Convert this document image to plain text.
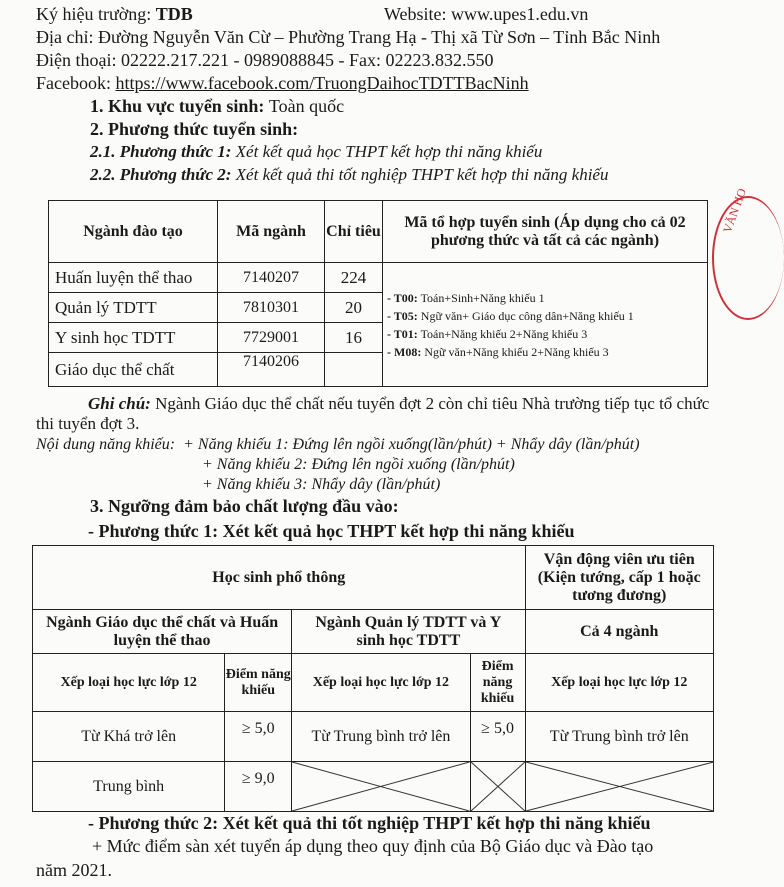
Ký hiệu trường: TDB	Website: www.upes1.edu.vn
Địa chỉ: Đường Nguyễn Văn Cừ – Phường Trang Hạ - Thị xã Từ Sơn – Tỉnh Bắc Ninh
Điện thoại: 02222.217.221 - 0989088845 - Fax: 02223.832.550
Facebook: https://www.facebook.com/TruongDaihocTDTTBacNinh
1. Khu vực tuyển sinh: Toàn quốc
2. Phương thức tuyển sinh:
2.1. Phương thức 1: Xét kết quả học THPT kết hợp thi năng khiếu
2.2. Phương thức 2: Xét kết quả thi tốt nghiệp THPT kết hợp thi năng khiếu
Ngành đào tạo	Mã ngành	Chỉ tiêu	Mã tổ hợp tuyển sinh (Áp dụng cho cả 02 phương thức và tất cả các ngành)
Huấn luyện thể thao	7140207	224	- T00: Toán+Sinh+Năng khiếu 1
- T05: Ngữ văn+ Giáo dục công dân+Năng khiếu 1
- T01: Toán+Năng khiếu 2+Năng khiếu 3
- M08: Ngữ văn+Năng khiếu 2+Năng khiếu 3

Quản lý TDTT	7810301	20	
Y sinh học TDTT	7729001	16	
Giáo dục thể chất	7140206		
VĂN HO
Ghi chú: Ngành Giáo dục thể chất nếu tuyển đợt 2 còn chỉ tiêu Nhà trường tiếp tục tổ chức
thi tuyển đợt 3.
Nội dung năng khiếu: + Năng khiếu 1: Đứng lên ngồi xuống(lần/phút) + Nhẩy dây (lần/phút)
+ Năng khiếu 2: Đứng lên ngồi xuống (lần/phút)
+ Năng khiếu 3: Nhẩy dây (lần/phút)
3. Ngưỡng đảm bảo chất lượng đầu vào:
- Phương thức 1: Xét kết quả học THPT kết hợp thi năng khiếu
Học sinh phổ thông				Vận động viên ưu tiên (Kiện tướng, cấp 1 hoặc tương đương)
Ngành Giáo dục thể chất và Huấn luyện thể thao		Ngành Quản lý TDTT và Y sinh học TDTT		Cả 4 ngành
Xếp loại học lực lớp 12	Điểm năng khiếu	Xếp loại học lực lớp 12	Điểm năng khiếu	Xếp loại học lực lớp 12
Từ Khá trở lên	≥ 5,0	Từ Trung bình trở lên	≥ 5,0	Từ Trung bình trở lên
Trung bình	≥ 9,0	

- Phương thức 2: Xét kết quả thi tốt nghiệp THPT kết hợp thi năng khiếu
+ Mức điểm sàn xét tuyển áp dụng theo quy định của Bộ Giáo dục và Đào tạo
năm 2021.
